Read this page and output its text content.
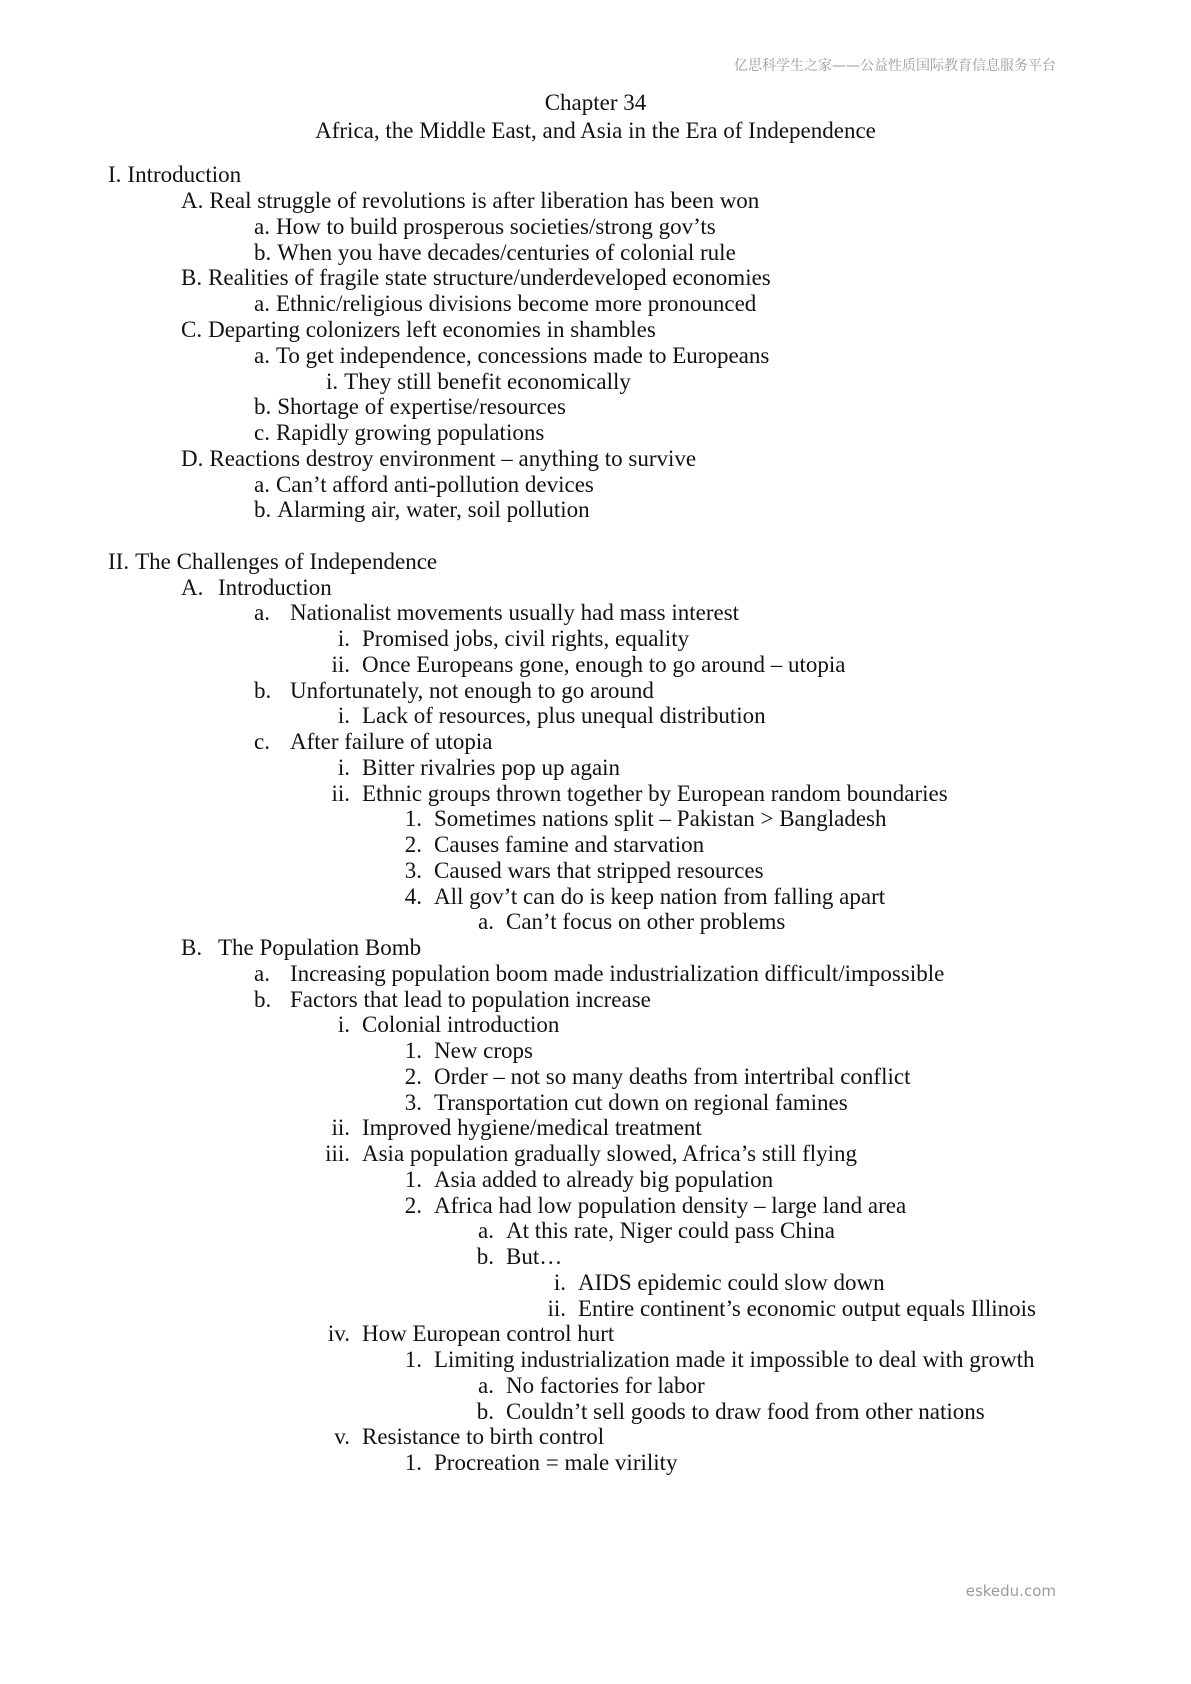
亿思科学生之家——公益性质国际教育信息服务平台
Chapter 34
Africa, the Middle East, and Asia in the Era of Independence
I. Introduction
A. Real struggle of revolutions is after liberation has been won
a. How to build prosperous societies/strong gov’ts
b. When you have decades/centuries of colonial rule
B. Realities of fragile state structure/underdeveloped economies
a. Ethnic/religious divisions become more pronounced
C. Departing colonizers left economies in shambles
a. To get independence, concessions made to Europeans
i. They still benefit economically
b. Shortage of expertise/resources
c. Rapidly growing populations
D. Reactions destroy environment – anything to survive
a. Can’t afford anti-pollution devices
b. Alarming air, water, soil pollution
II. The Challenges of Independence
A. Introduction
a. Nationalist movements usually had mass interest
i. Promised jobs, civil rights, equality
ii. Once Europeans gone, enough to go around – utopia
b. Unfortunately, not enough to go around
i. Lack of resources, plus unequal distribution
c. After failure of utopia
i. Bitter rivalries pop up again
ii. Ethnic groups thrown together by European random boundaries
1. Sometimes nations split – Pakistan > Bangladesh
2. Causes famine and starvation
3. Caused wars that stripped resources
4. All gov’t can do is keep nation from falling apart
a. Can’t focus on other problems
B. The Population Bomb
a. Increasing population boom made industrialization difficult/impossible
b. Factors that lead to population increase
i. Colonial introduction
1. New crops
2. Order – not so many deaths from intertribal conflict
3. Transportation cut down on regional famines
ii. Improved hygiene/medical treatment
iii. Asia population gradually slowed, Africa’s still flying
1. Asia added to already big population
2. Africa had low population density – large land area
a. At this rate, Niger could pass China
b. But…
i. AIDS epidemic could slow down
ii. Entire continent’s economic output equals Illinois
iv. How European control hurt
1. Limiting industrialization made it impossible to deal with growth
a. No factories for labor
b. Couldn’t sell goods to draw food from other nations
v. Resistance to birth control
1. Procreation = male virility
eskedu.com
